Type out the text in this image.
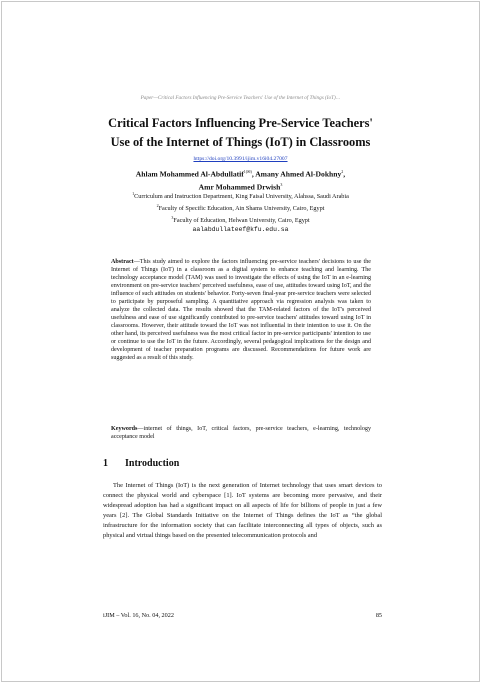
Paper—Critical Factors Influencing Pre-Service Teachers' Use of the Internet of Things (IoT)…
Critical Factors Influencing Pre-Service Teachers'
Use of the Internet of Things (IoT) in Classrooms
https://doi.org/10.3991/ijim.v16i04.27007
Ahlam Mohammed Al-Abdullatif$^{1(✉)}$, Amany Ahmed Al-Dokhny$^2$,
Amr Mohammed Drwish$^3$
$^1$Curriculum and Instruction Department, King Faisal University, Alahssa, Saudi Arabia
$^2$Faculty of Specific Education, Ain Shams University, Cairo, Egypt
$^3$Faculty of Education, Helwan University, Cairo, Egypt
aalabdullateef@kfu.edu.sa
Abstract—This study aimed to explore the factors influencing pre-service teachers' decisions to use the Internet of Things (IoT) in a classroom as a digital system to enhance teaching and learning. The technology acceptance model (TAM) was used to investigate the effects of using the IoT in an e-learning environment on pre-service teachers' perceived usefulness, ease of use, attitudes toward using IoT, and the influence of such attitudes on students' behavior. Forty-seven final-year pre-service teachers were selected to participate by purposeful sampling. A quantitative approach via regression analysis was taken to analyze the collected data. The results showed that the TAM-related factors of the IoT's perceived usefulness and ease of use significantly contributed to pre-service teachers' attitudes toward using IoT in classrooms. However, their attitude toward the IoT was not influential in their intention to use it. On the other hand, its perceived usefulness was the most critical factor in pre-service participants' intention to use or continue to use the IoT in the future. Accordingly, several pedagogical implications for the design and development of teacher preparation programs are discussed. Recommendations for future work are suggested as a result of this study.
Keywords—internet of things, IoT, critical factors, pre-service teachers, e-learning, technology acceptance model
1 Introduction
The Internet of Things (IoT) is the next generation of Internet technology that uses smart devices to connect the physical world and cyberspace [1]. IoT systems are becoming more pervasive, and their widespread adoption has had a significant impact on all aspects of life for billions of people in just a few years [2]. The Global Standards Initiative on the Internet of Things defines the IoT as “the global infrastructure for the information society that can facilitate interconnecting all types of objects, such as physical and virtual things based on the presented telecommunication protocols and
iJIM ‒ Vol. 16, No. 04, 2022	85
